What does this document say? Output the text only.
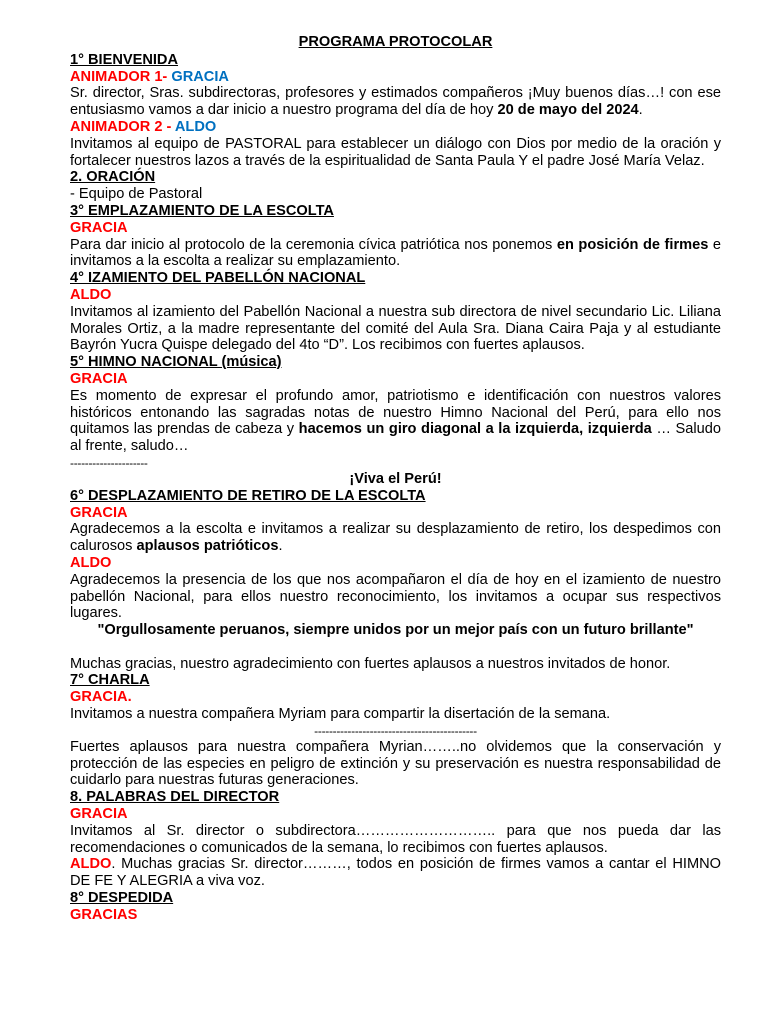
PROGRAMA PROTOCOLAR

1° BIENVENIDA

ANIMADOR 1- GRACIA

Sr. director, Sras. subdirectoras, profesores y estimados compañeros ¡Muy buenos días…! con ese entusiasmo vamos a dar inicio a nuestro programa del día de hoy 20 de mayo del 2024.

ANIMADOR 2 - ALDO

Invitamos al equipo de PASTORAL para establecer un diálogo con Dios por medio de la oración y fortalecer nuestros lazos a través de la espiritualidad de Santa Paula Y el padre José María Velaz.

2. ORACIÓN

- Equipo de Pastoral

3° EMPLAZAMIENTO DE LA ESCOLTA

GRACIA

Para dar inicio al protocolo de la ceremonia cívica patriótica nos ponemos en posición de firmes e invitamos a la escolta a realizar su emplazamiento.

4° IZAMIENTO DEL PABELLÓN NACIONAL

ALDO

Invitamos al izamiento del Pabellón Nacional a nuestra sub directora de nivel secundario Lic. Liliana Morales Ortiz, a la madre representante del comité del Aula Sra. Diana Caira Paja y al estudiante Bayrón Yucra Quispe delegado del 4to “D”. Los recibimos con fuertes aplausos.

5° HIMNO NACIONAL (música)

GRACIA

Es momento de expresar el profundo amor, patriotismo e identificación con nuestros valores históricos entonando las sagradas notas de nuestro Himno Nacional del Perú, para ello nos quitamos las prendas de cabeza y hacemos un giro diagonal a la izquierda, izquierda … Saludo al frente, saludo…

---------------------

¡Viva el Perú!

6° DESPLAZAMIENTO DE RETIRO DE LA ESCOLTA

GRACIA

Agradecemos a la escolta e invitamos a realizar su desplazamiento de retiro, los despedimos con calurosos aplausos patrióticos.

ALDO

Agradecemos la presencia de los que nos acompañaron el día de hoy en el izamiento de nuestro pabellón Nacional, para ellos nuestro reconocimiento, los invitamos a ocupar sus respectivos lugares.

"Orgullosamente peruanos, siempre unidos por un mejor país con un futuro brillante"

Muchas gracias, nuestro agradecimiento con fuertes aplausos a nuestros invitados de honor.

7° CHARLA

GRACIA.

Invitamos a nuestra compañera Myriam para compartir la disertación de la semana.

--------------------------------------------

Fuertes aplausos para nuestra compañera Myrian……..no olvidemos que la conservación y protección de las especies en peligro de extinción y su preservación es nuestra responsabilidad de cuidarlo para nuestras futuras generaciones.

8. PALABRAS DEL DIRECTOR

GRACIA

Invitamos al Sr. director o subdirectora……………………….. para que nos pueda dar las recomendaciones o comunicados de la semana, lo recibimos con fuertes aplausos.

ALDO. Muchas gracias Sr. director………, todos en posición de firmes vamos a cantar el HIMNO DE FE Y ALEGRIA a viva voz.

8° DESPEDIDA

GRACIAS
